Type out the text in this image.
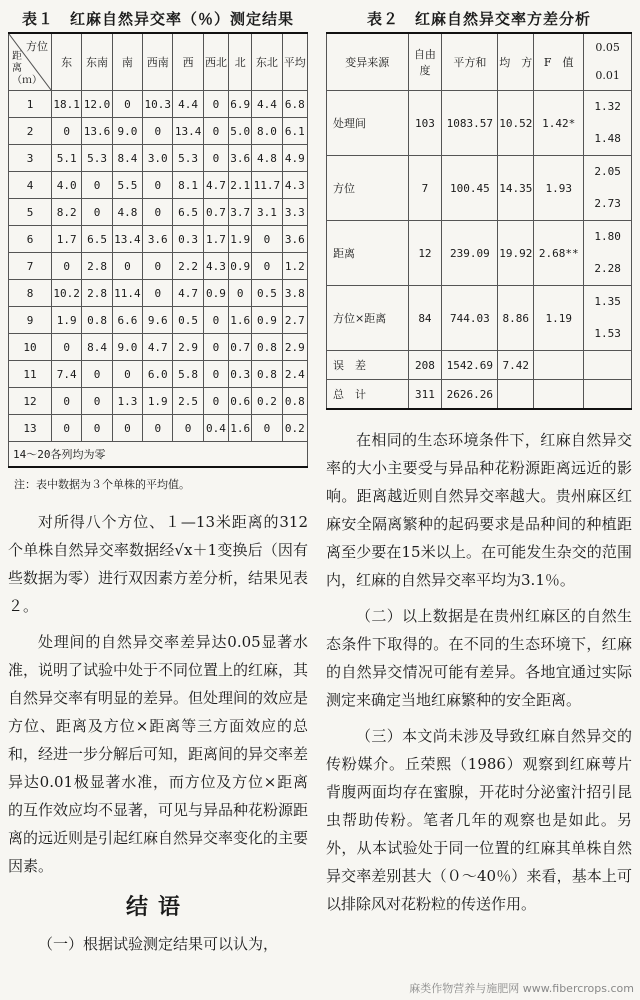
表１　红麻自然异交率（％）测定结果
方位
距离（ｍ）	东	东南	南	西南	西	西北	北	东北	平均
1	18.1	12.0	0	10.3	4.4	0	6.9	4.4	6.8
2	0	13.6	9.0	0	13.4	0	5.0	8.0	6.1
3	5.1	5.3	8.4	3.0	5.3	0	3.6	4.8	4.9
4	4.0	0	5.5	0	8.1	4.7	2.1	11.7	4.3
5	8.2	0	4.8	0	6.5	0.7	3.7	3.1	3.3
6	1.7	6.5	13.4	3.6	0.3	1.7	1.9	0	3.6
7	0	2.8	0	0	2.2	4.3	0.9	0	1.2
8	10.2	2.8	11.4	0	4.7	0.9	0	0.5	3.8
9	1.9	0.8	6.6	9.6	0.5	0	1.6	0.9	2.7
10	0	8.4	9.0	4.7	2.9	0	0.7	0.8	2.9
11	7.4	0	0	6.0	5.8	0	0.3	0.8	2.4
12	0	0	1.3	1.9	2.5	0	0.6	0.2	0.8
13	0	0	0	0	0	0.4	1.6	0	0.2
14～20各列均为零									
注：表中数据为３个单株的平均值。

对所得八个方位、１—13米距离的312个单株自然异交率数据经√x＋1变换后（因有些数据为零）进行双因素方差分析，结果见表２。

处理间的自然异交率差异达0.05显著水准，说明了试验中处于不同位置上的红麻，其自然异交率有明显的差异。但处理间的效应是方位、距离及方位×距离等三方面效应的总和，经进一步分解后可知，距离间的异交率差异达0.01极显著水准，而方位及方位×距离的互作效应均不显著，可见与异品种花粉源距离的远近则是引起红麻自然异交率变化的主要因素。

结语

（一）根据试验测定结果可以认为，

表２　红麻自然异交率方差分析
变异来源	自由度	平方和	均　方	F　值	0.05
0.01

处理间	103	1083.57	10.52	1.42*	1.32
1.48

方位	7	100.45	14.35	1.93	2.05
2.73

距离	12	239.09	19.92	2.68**	1.80
2.28

方位×距离	84	744.03	8.86	1.19	1.35
1.53

误　差	208	1542.69	7.42		
总　计	311	2626.26			

在相同的生态环境条件下，红麻自然异交率的大小主要受与异品种花粉源距离远近的影响。距离越近则自然异交率越大。贵州麻区红麻安全隔离繁种的起码要求是品种间的种植距离至少要在15米以上。在可能发生杂交的范围内，红麻的自然异交率平均为3.1％。

（二）以上数据是在贵州红麻区的自然生态条件下取得的。在不同的生态环境下，红麻的自然异交情况可能有差异。各地宜通过实际测定来确定当地红麻繁种的安全距离。

（三）本文尚未涉及导致红麻自然异交的传粉媒介。丘荣熙（1986）观察到红麻萼片背腹两面均存在蜜腺，开花时分泌蜜汁招引昆虫帮助传粉。笔者几年的观察也是如此。另外，从本试验处于同一位置的红麻其单株自然异交率差别甚大（０～40％）来看，基本上可以排除风对花粉粒的传送作用。

麻类作物营养与施肥网 www.fibercrops.com
